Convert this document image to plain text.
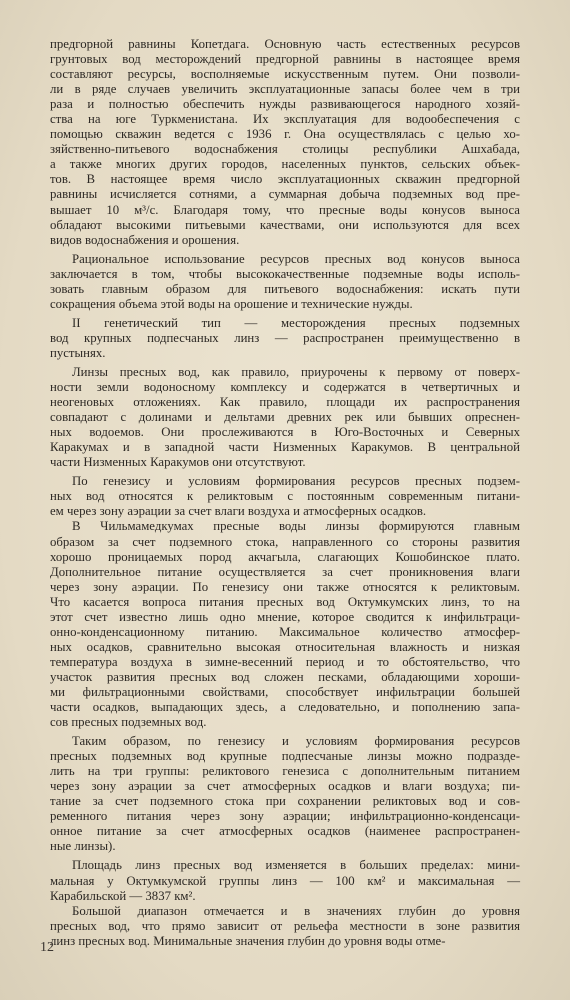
предгорной равнины Копетдага. Основную часть естественных ресурсов
грунтовых вод месторождений предгорной равнины в настоящее время
составляют ресурсы, восполняемые искусственным путем. Они позволи-
ли в ряде случаев увеличить эксплуатационные запасы более чем в три
раза и полностью обеспечить нужды развивающегося народного хозяй-
ства на юге Туркменистана. Их эксплуатация для водообеспечения с
помощью скважин ведется с 1936 г. Она осуществлялась с целью хо-
зяйственно-питьевого водоснабжения столицы республики Ашхабада,
а также многих других городов, населенных пунктов, сельских объек-
тов. В настоящее время число эксплуатационных скважин предгорной
равнины исчисляется сотнями, а суммарная добыча подземных вод пре-
вышает 10 м³/с. Благодаря тому, что пресные воды конусов выноса
обладают высокими питьевыми качествами, они используются для всех
видов водоснабжения и орошения.
Рациональное использование ресурсов пресных вод конусов выноса
заключается в том, чтобы высококачественные подземные воды исполь-
зовать главным образом для питьевого водоснабжения: искать пути
сокращения объема этой воды на орошение и технические нужды.
II генетический тип — месторождения пресных подземных
вод крупных подпесчаных линз — распространен преимущественно в
пустынях.
Линзы пресных вод, как правило, приурочены к первому от поверх-
ности земли водоносному комплексу и содержатся в четвертичных и
неогеновых отложениях. Как правило, площади их распространения
совпадают с долинами и дельтами древних рек или бывших опреснен-
ных водоемов. Они прослеживаются в Юго-Восточных и Северных
Каракумах и в западной части Низменных Каракумов. В центральной
части Низменных Каракумов они отсутствуют.
По генезису и условиям формирования ресурсов пресных подзем-
ных вод относятся к реликтовым с постоянным современным питани-
ем через зону аэрации за счет влаги воздуха и атмосферных осадков.
В Чильмамедкумах пресные воды линзы формируются главным
образом за счет подземного стока, направленного со стороны развития
хорошо проницаемых пород акчагыла, слагающих Кошобинское плато.
Дополнительное питание осуществляется за счет проникновения влаги
через зону аэрации. По генезису они также относятся к реликтовым.
Что касается вопроса питания пресных вод Октумкумских линз, то на
этот счет известно лишь одно мнение, которое сводится к инфильтраци-
онно-конденсационному питанию. Максимальное количество атмосфер-
ных осадков, сравнительно высокая относительная влажность и низкая
температура воздуха в зимне-весенний период и то обстоятельство, что
участок развития пресных вод сложен песками, обладающими хороши-
ми фильтрационными свойствами, способствует инфильтрации большей
части осадков, выпадающих здесь, а следовательно, и пополнению запа-
сов пресных подземных вод.
Таким образом, по генезису и условиям формирования ресурсов
пресных подземных вод крупные подпесчаные линзы можно подразде-
лить на три группы: реликтового генезиса с дополнительным питанием
через зону аэрации за счет атмосферных осадков и влаги воздуха; пи-
тание за счет подземного стока при сохранении реликтовых вод и сов-
ременного питания через зону аэрации; инфильтрационно-конденсаци-
онное питание за счет атмосферных осадков (наименее распространен-
ные линзы).
Площадь линз пресных вод изменяется в больших пределах: мини-
мальная у Октумкумской группы линз — 100 км² и максимальная —
Карабильской — 3837 км².
Большой диапазон отмечается и в значениях глубин до уровня
пресных вод, что прямо зависит от рельефа местности в зоне развития
линз пресных вод. Минимальные значения глубин до уровня воды отме-
12
